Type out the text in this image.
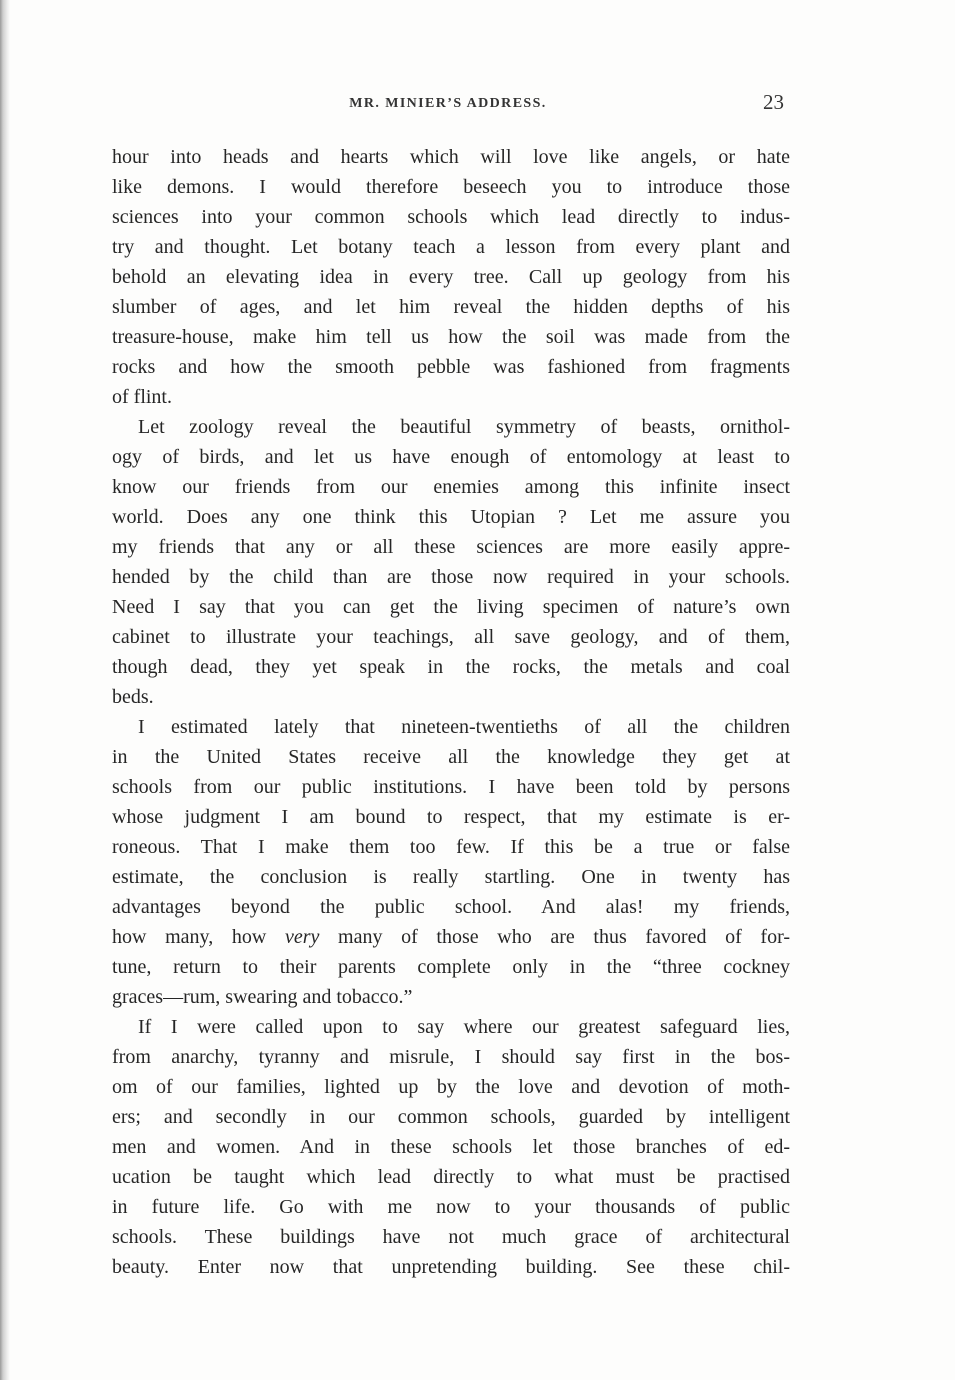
MR. MINIER’S ADDRESS.	23
hour into heads and hearts which will love like angels, or hate
like demons. I would therefore beseech you to introduce those
sciences into your common schools which lead directly to indus-
try and thought. Let botany teach a lesson from every plant and
behold an elevating idea in every tree. Call up geology from his
slumber of ages, and let him reveal the hidden depths of his
treasure-house, make him tell us how the soil was made from the
rocks and how the smooth pebble was fashioned from fragments
of flint.
Let zoology reveal the beautiful symmetry of beasts, ornithol-
ogy of birds, and let us have enough of entomology at least to
know our friends from our enemies among this infinite insect
world. Does any one think this Utopian ? Let me assure you
my friends that any or all these sciences are more easily appre-
hended by the child than are those now required in your schools.
Need I say that you can get the living specimen of nature’s own
cabinet to illustrate your teachings, all save geology, and of them,
though dead, they yet speak in the rocks, the metals and coal
beds.
I estimated lately that nineteen-twentieths of all the children
in the United States receive all the knowledge they get at
schools from our public institutions. I have been told by persons
whose judgment I am bound to respect, that my estimate is er-
roneous. That I make them too few. If this be a true or false
estimate, the conclusion is really startling. One in twenty has
advantages beyond the public school. And alas! my friends,
how many, how very many of those who are thus favored of for-
tune, return to their parents complete only in the “three cockney
graces—rum, swearing and tobacco.”
If I were called upon to say where our greatest safeguard lies,
from anarchy, tyranny and misrule, I should say first in the bos-
om of our families, lighted up by the love and devotion of moth-
ers; and secondly in our common schools, guarded by intelligent
men and women. And in these schools let those branches of ed-
ucation be taught which lead directly to what must be practised
in future life. Go with me now to your thousands of public
schools. These buildings have not much grace of architectural
beauty. Enter now that unpretending building. See these chil-
